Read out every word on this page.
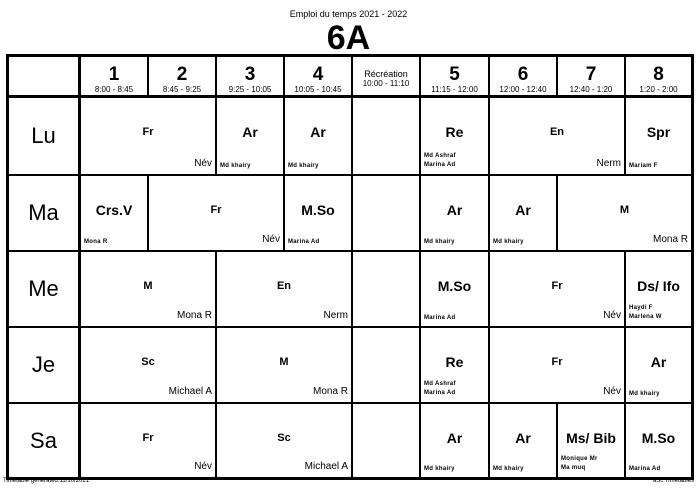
Emploi du temps 2021 - 2022
6A
1
8:00 - 8:45
2
8:45 - 9:25
3
9:25 - 10:05
4
10:05 - 10:45
Récréation
10:00 - 11:10	5
11:15 - 12:00
6
12:00 - 12:40
7
12:40 - 1:20
8
1:20 - 2:00
Lu
Ma
Me
Je
Sa
Fr
Név
Ar
Md khairy
Ar
Md khairy
Re
Md Ashraf
Marina Ad
En
Nerm
Spr
Mariam F
Crs.V
Mona R
Fr
Név
M.So
Marina Ad
Ar
Md khairy
Ar
Md khairy
M
Mona R
M
Mona R
En
Nerm
M.So
Marina Ad
Fr
Név
Ds/ Ifo
Haydi F
Marlena W
Sc
Michael A
M
Mona R
Re
Md Ashraf
Marina Ad
Fr
Név
Ar
Md khairy
Fr
Név
Sc
Michael A
Ar
Md khairy
Ar
Md khairy
Ms/ Bib
Monique Mr
Ma muq
M.So
Marina Ad
Timetable generated:11/10/2021	aSc Timetables
